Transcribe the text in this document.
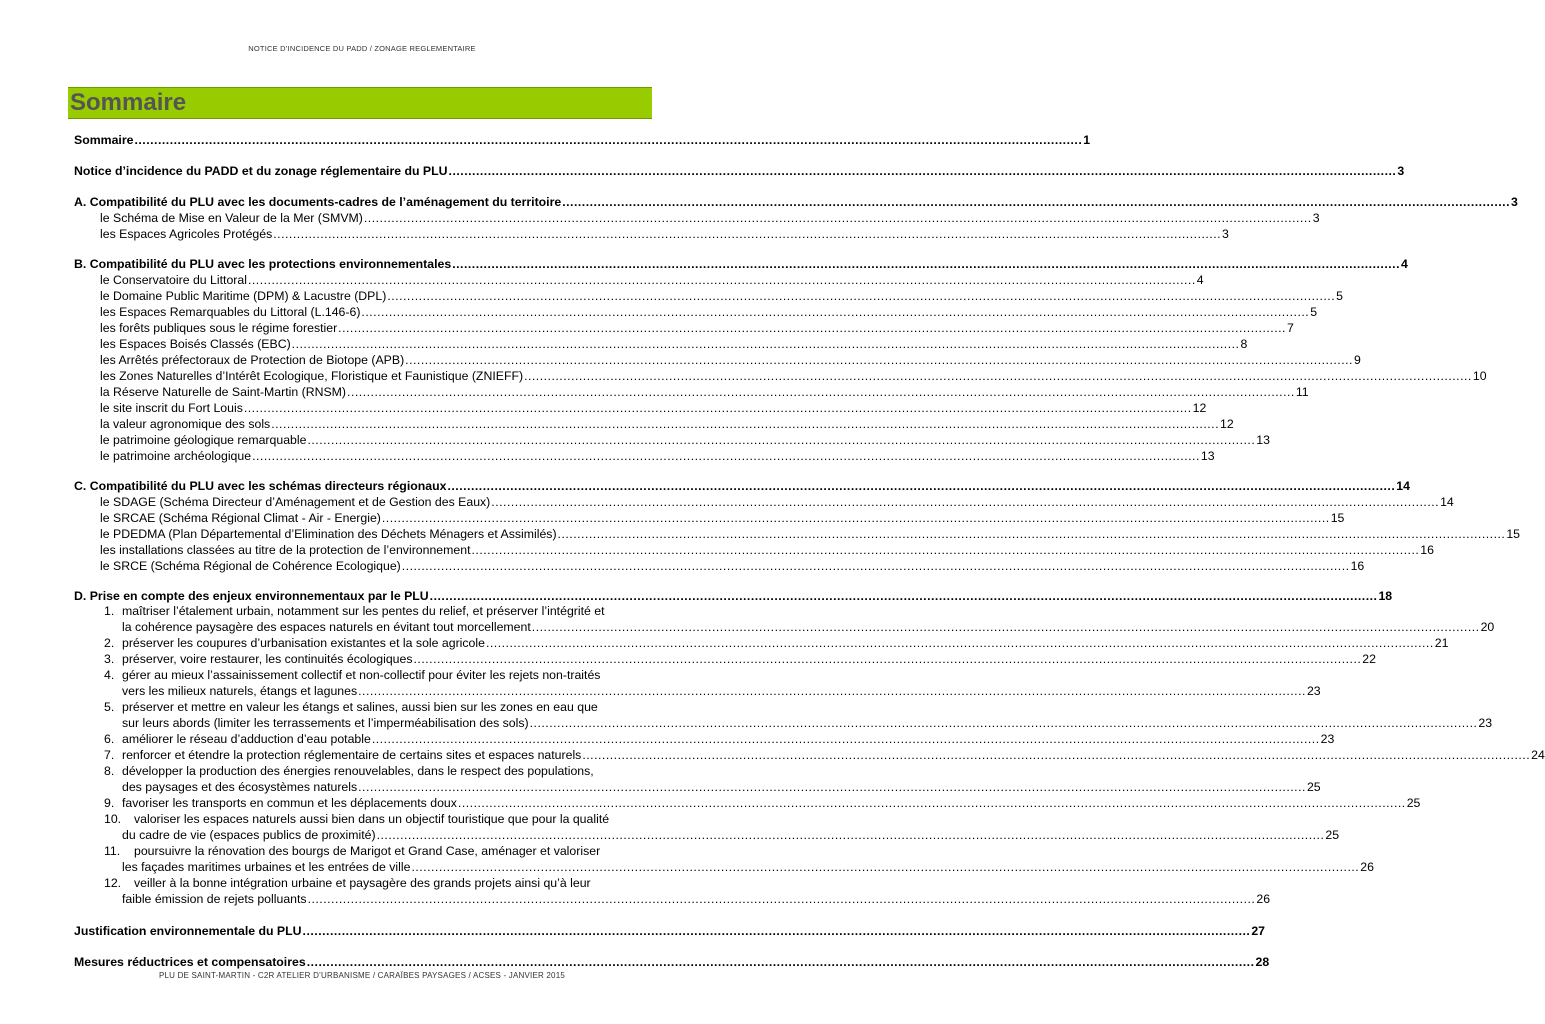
NOTICE D’INCIDENCE DU PADD / ZONAGE REGLEMENTAIRE
Sommaire
Sommaire .....	1
Notice d’incidence du PADD et du zonage réglementaire du PLU .....	3
A. Compatibilité du PLU avec les documents-cadres de l’aménagement du territoire .....	3
le Schéma de Mise en Valeur de la Mer (SMVM) .....	3
les Espaces Agricoles Protégés .....	3
B. Compatibilité du PLU avec les protections environnementales .....	4
le Conservatoire du Littoral .....	4
le Domaine Public Maritime (DPM) & Lacustre (DPL) .....	5
les Espaces Remarquables du Littoral (L.146-6) .....	5
les forêts publiques sous le régime forestier .....	7
les Espaces Boisés Classés (EBC) .....	8
les Arrêtés préfectoraux de Protection de Biotope (APB) .....	9
les Zones Naturelles d’Intérêt Ecologique, Floristique et Faunistique (ZNIEFF) .....	10
la Réserve Naturelle de Saint-Martin (RNSM) .....	11
le site inscrit du Fort Louis .....	12
la valeur agronomique des sols .....	12
le patrimoine géologique remarquable .....	13
le patrimoine archéologique .....	13
C. Compatibilité du PLU avec les schémas directeurs régionaux .....	14
le SDAGE (Schéma Directeur d’Aménagement et de Gestion des Eaux) .....	14
le SRCAE (Schéma Régional Climat - Air - Energie) .....	15
le PDEDMA (Plan Départemental d’Elimination des Déchets Ménagers et Assimilés) .....	15
les installations classées au titre de la protection de l’environnement .....	16
le SRCE (Schéma Régional de Cohérence Ecologique) .....	16
D. Prise en compte des enjeux environnementaux par le PLU .....	18
1. maîtriser l’étalement urbain, notamment sur les pentes du relief, et préserver l’intégrité et
la cohérence paysagère des espaces naturels en évitant tout morcellement .....	20
2. préserver les coupures d’urbanisation existantes et la sole agricole .....	21
3. préserver, voire restaurer, les continuités écologiques .....	22
4. gérer au mieux l’assainissement collectif et non-collectif pour éviter les rejets non-traités
vers les milieux naturels, étangs et lagunes .....	23
5. préserver et mettre en valeur les étangs et salines, aussi bien sur les zones en eau que
sur leurs abords (limiter les terrassements et l’imperméabilisation des sols) .....	23
6. améliorer le réseau d’adduction d’eau potable .....	23
7. renforcer et étendre la protection réglementaire de certains sites et espaces naturels .....	24
8. développer la production des énergies renouvelables, dans le respect des populations,
des paysages et des écosystèmes naturels .....	25
9. favoriser les transports en commun et les déplacements doux .....	25
10. valoriser les espaces naturels aussi bien dans un objectif touristique que pour la qualité
du cadre de vie (espaces publics de proximité) .....	25
11. poursuivre la rénovation des bourgs de Marigot et Grand Case, aménager et valoriser
les façades maritimes urbaines et les entrées de ville .....	26
12. veiller à la bonne intégration urbaine et paysagère des grands projets ainsi qu’à leur
faible émission de rejets polluants .....	26
Justification environnementale du PLU .....	27
Mesures réductrices et compensatoires .....	28
PLU DE SAINT-MARTIN - C2R ATELIER D’URBANISME / CARAÏBES PAYSAGES / ACSES - JANVIER 2015
